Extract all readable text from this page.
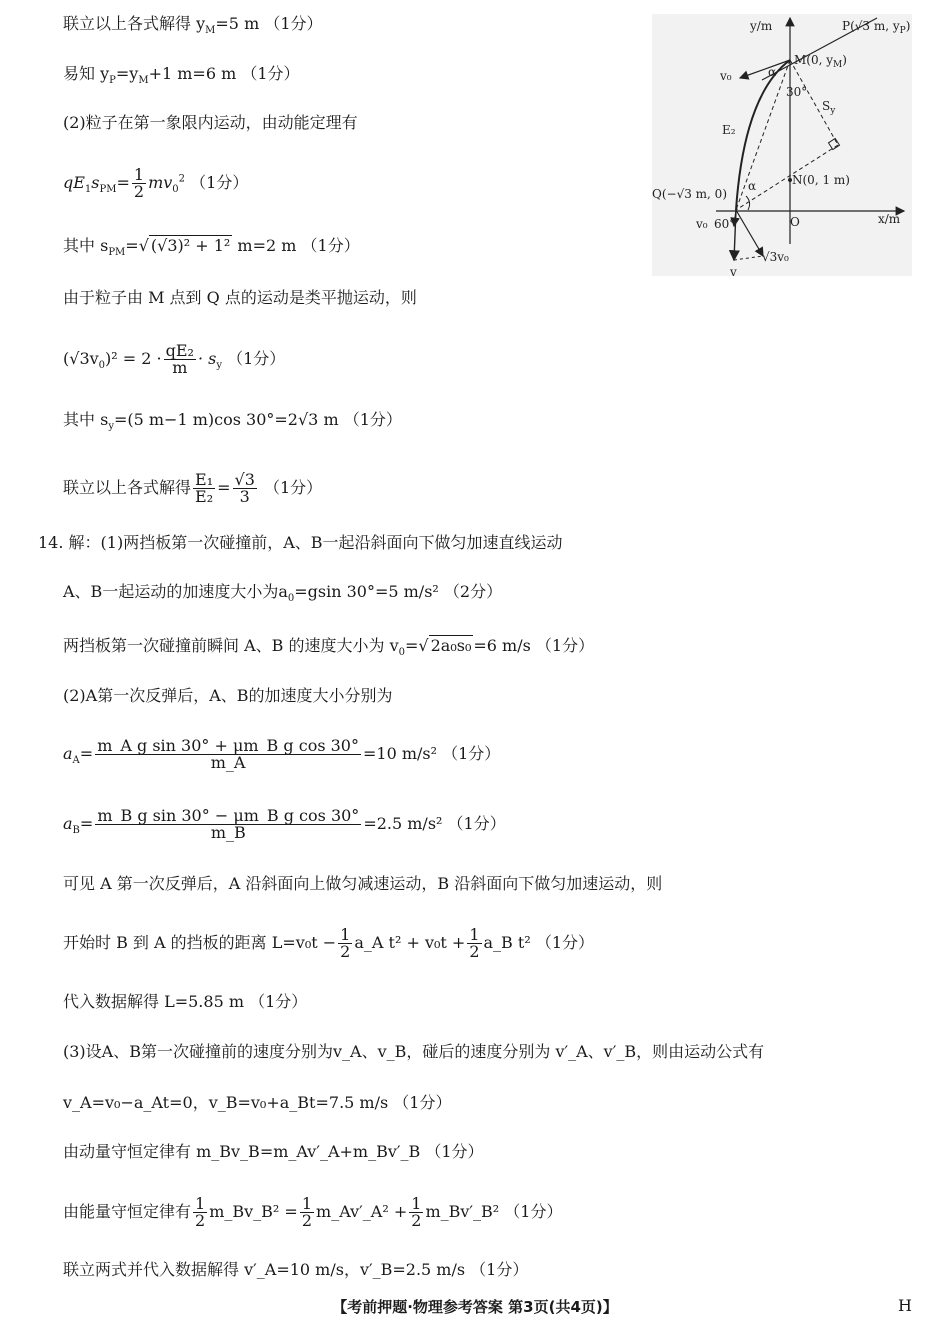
联立以上各式解得 $y_M=5$ m （1分）
易知 $y_P=y_M+1$ m=6 m （1分）
(2)粒子在第一象限内运动，由动能定理有
$qE_1s_{PM}= \frac{1}{2} mv_0^2$ （1分）
其中 $s_{PM}=√$ (√3)² + 1² m=2 m （1分）
由于粒子由 M 点到 Q 点的运动是类平抛运动，则
$(√3v_0)^2 = 2 \cdot \frac{\text{qE₂}}{m} \cdot s_y$ （1分）
其中 $s_y=(5$ m−1 m)cos 30°=2√3 m （1分）
联立以上各式解得 $\frac{\text{E₁}}{\text{E₂}} = \frac{√3}{3} (1$分）
14. 解：(1)两挡板第一次碰撞前，A、B一起沿斜面向下做匀加速直线运动
A、B一起运动的加速度大小为$a_0=gsin$ 30°=5 m/s² （2分）
两挡板第一次碰撞前瞬间 A、B 的速度大小为 $v_0=√$ 2a₀s₀ =6 m/s （1分）
(2)A第一次反弹后，A、B的加速度大小分别为
$a_A= \frac{\text{m\_A g sin 30° + μm\_B g cos 30°}}{m\_A} =10$ m/s² （1分）
$a_B= \frac{\text{m\_B g sin 30° − μm\_B g cos 30°}}{m\_B} =2.5$ m/s² （1分）
可见 A 第一次反弹后，A 沿斜面向上做匀减速运动，B 沿斜面向下做匀加速运动，则
开始时 B 到 A 的挡板的距离 $L=v_0t - \frac{1}{2}$ a_A $t^2 + v_0t + \frac{1}{2}$ a_B t² （1分）
代入数据解得 L=5.85 m （1分）
(3)设A、B第一次碰撞前的速度分别为v_A、v_B，碰后的速度分别为 v′_A、v′_B，则由运动公式有
v_A=v₀−a_At=0，v_B=v₀+a_Bt=7.5 m/s （1分）
由动量守恒定律有 m_Bv_B=m_Av′_A+m_Bv′_B （1分）
由能量守恒定律有 $\frac{1}{2}$ m_Bv_B² = $\frac{1}{2}$ m_Av′_A² + $\frac{1}{2}$ m_Bv′_B² （1分）
联立两式并代入数据解得 v′_A=10 m/s，v′_B=2.5 m/s （1分）
【考前押题·物理参考答案 第3页(共4页)】	H
y/m
x/m
O
P(√3 m, $y_P$)
M(0, $y_M$)
N(0, 1 m)
Q(−√3 m, 0)
v₀
v₀
v
√3v₀
E₂
$S_y$
α
α
30°
60°
